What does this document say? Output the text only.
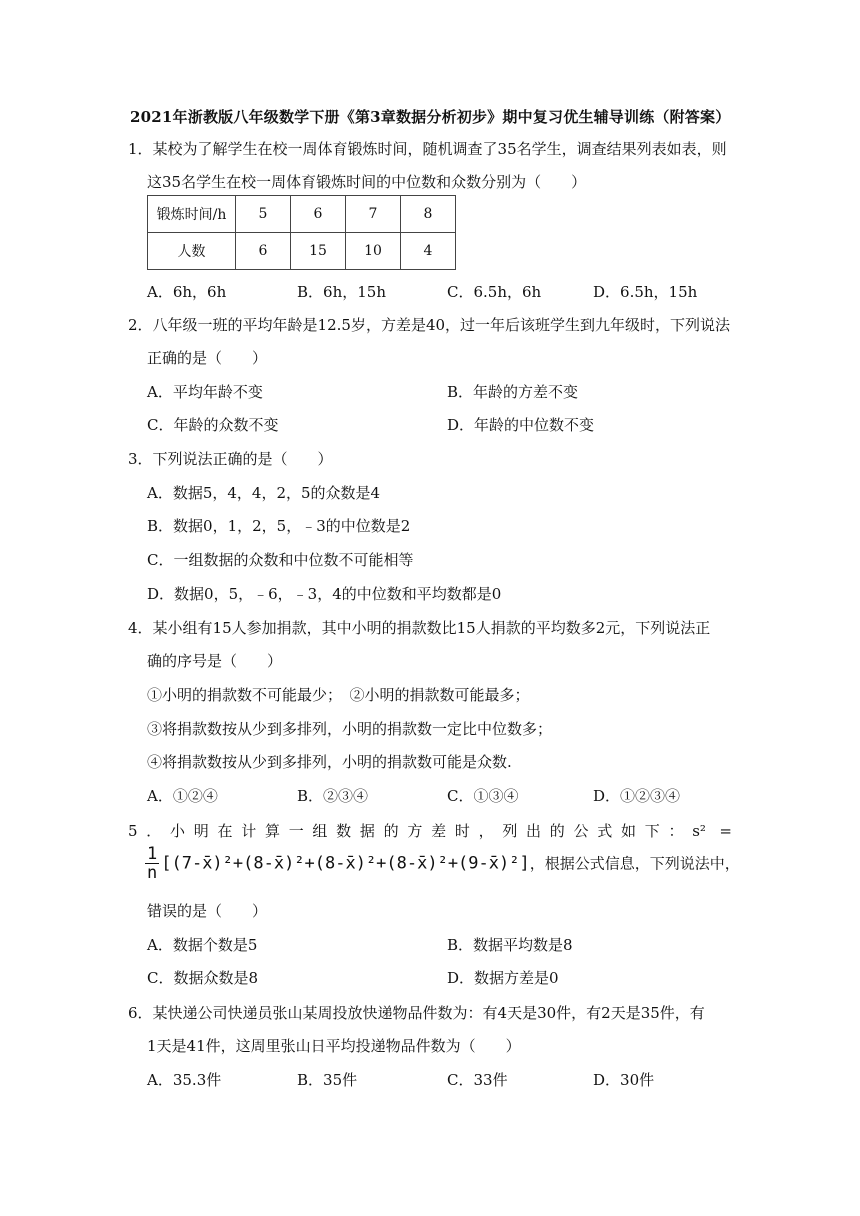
2021年浙教版八年级数学下册《第3章数据分析初步》期中复习优生辅导训练（附答案）
1．某校为了解学生在校一周体育锻炼时间，随机调查了35名学生，调查结果列表如表，则
这35名学生在校一周体育锻炼时间的中位数和众数分别为（　　）
锻炼时间/h	5	6	7	8
人数	6	15	10	4
A．6h，6h	B．6h，15h	C．6.5h，6h	D．6.5h，15h
2．八年级一班的平均年龄是12.5岁，方差是40，过一年后该班学生到九年级时，下列说法
正确的是（　　）
A．平均年龄不变	B．年龄的方差不变
C．年龄的众数不变	D．年龄的中位数不变
3．下列说法正确的是（　　）
A．数据5，4，4，2，5的众数是4
B．数据0，1，2，5，﹣3的中位数是2
C．一组数据的众数和中位数不可能相等
D．数据0，5，﹣6，﹣3，4的中位数和平均数都是0
4．某小组有15人参加捐款，其中小明的捐款数比15人捐款的平均数多2元，下列说法正
确的序号是（　　）
①小明的捐款数不可能最少；　②小明的捐款数可能最多；
③将捐款数按从少到多排列，小明的捐款数一定比中位数多；
④将捐款数按从少到多排列，小明的捐款数可能是众数.
A．①②④	B．②③④	C．①③④	D．①②③④
5．小明在计算一组数据的方差时，列出的公式如下：s² =
$\frac{1}{n}$ [(7-x̄)²+(8-x̄)²+(8-x̄)²+(8-x̄)²+(9-x̄)²]，根据公式信息，下列说法中，
错误的是（　　）
A．数据个数是5	B．数据平均数是8
C．数据众数是8	D．数据方差是0
6．某快递公司快递员张山某周投放快递物品件数为：有4天是30件，有2天是35件，有
1天是41件，这周里张山日平均投递物品件数为（　　）
A．35.3件	B．35件	C．33件	D．30件
